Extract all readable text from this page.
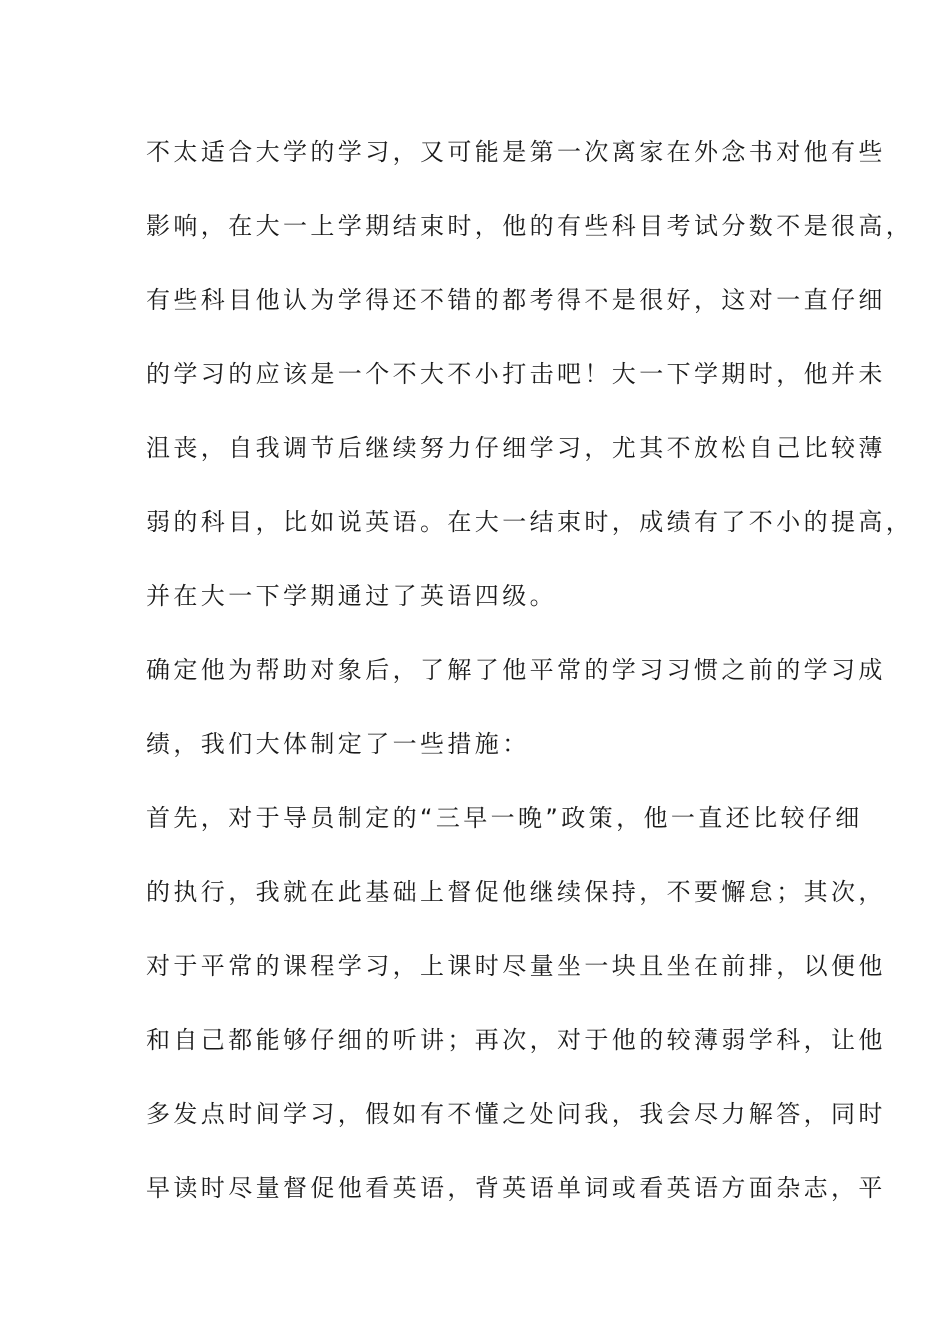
不太适合大学的学习，又可能是第一次离家在外念书对他有些
影响，在大一上学期结束时，他的有些科目考试分数不是很高，
有些科目他认为学得还不错的都考得不是很好，这对一直仔细
的学习的应该是一个不大不小打击吧！大一下学期时，他并未
沮丧，自我调节后继续努力仔细学习，尤其不放松自己比较薄
弱的科目，比如说英语。在大一结束时，成绩有了不小的提高，
并在大一下学期通过了英语四级。
确定他为帮助对象后，了解了他平常的学习习惯之前的学习成
绩，我们大体制定了一些措施：
首先，对于导员制定的“三早一晚”政策，他一直还比较仔细
的执行，我就在此基础上督促他继续保持，不要懈怠；其次，
对于平常的课程学习，上课时尽量坐一块且坐在前排，以便他
和自己都能够仔细的听讲；再次，对于他的较薄弱学科，让他
多发点时间学习，假如有不懂之处问我，我会尽力解答，同时
早读时尽量督促他看英语，背英语单词或看英语方面杂志，平
